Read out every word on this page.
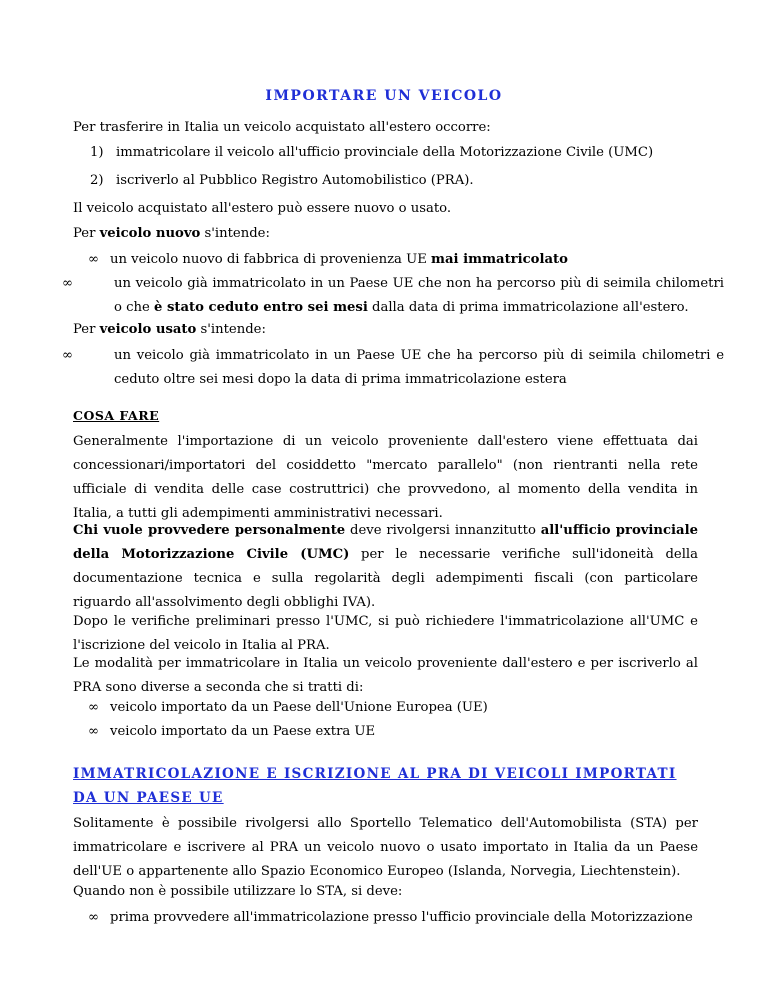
IMPORTARE UN VEICOLO
Per trasferire in Italia un veicolo acquistato all'estero occorre:
1) immatricolare il veicolo all'ufficio provinciale della Motorizzazione Civile (UMC)
2) iscriverlo al Pubblico Registro Automobilistico (PRA).
Il veicolo acquistato all'estero può essere nuovo o usato.
Per veicolo nuovo s'intende:
∞ un veicolo nuovo di fabbrica di provenienza UE mai immatricolato
∞	un veicolo già immatricolato in un Paese UE che non ha percorso più di seimila chilometri o che è stato ceduto entro sei mesi dalla data di prima immatricolazione all'estero.
Per veicolo usato s'intende:
∞	un veicolo già immatricolato in un Paese UE che ha percorso più di seimila chilometri e ceduto oltre sei mesi dopo la data di prima immatricolazione estera
COSA FARE
Generalmente l'importazione di un veicolo proveniente dall'estero viene effettuata dai concessionari/importatori del cosiddetto "mercato parallelo" (non rientranti nella rete ufficiale di vendita delle case costruttrici) che provvedono, al momento della vendita in Italia, a tutti gli adempimenti amministrativi necessari.
Chi vuole provvedere personalmente deve rivolgersi innanzitutto all'ufficio provinciale della Motorizzazione Civile (UMC) per le necessarie verifiche sull'idoneità della documentazione tecnica e sulla regolarità degli adempimenti fiscali (con particolare riguardo all'assolvimento degli obblighi IVA).
Dopo le verifiche preliminari presso l'UMC, si può richiedere l'immatricolazione all'UMC e l'iscrizione del veicolo in Italia al PRA.
Le modalità per immatricolare in Italia un veicolo proveniente dall'estero e per iscriverlo al PRA sono diverse a seconda che si tratti di:
∞ veicolo importato da un Paese dell'Unione Europea (UE)
∞ veicolo importato da un Paese extra UE
IMMATRICOLAZIONE E ISCRIZIONE AL PRA DI VEICOLI IMPORTATI DA UN PAESE UE
Solitamente è possibile rivolgersi allo Sportello Telematico dell'Automobilista (STA) per immatricolare e iscrivere al PRA un veicolo nuovo o usato importato in Italia da un Paese dell'UE o appartenente allo Spazio Economico Europeo (Islanda, Norvegia, Liechtenstein).
Quando non è possibile utilizzare lo STA, si deve:
∞ prima provvedere all'immatricolazione presso l'ufficio provinciale della Motorizzazione
